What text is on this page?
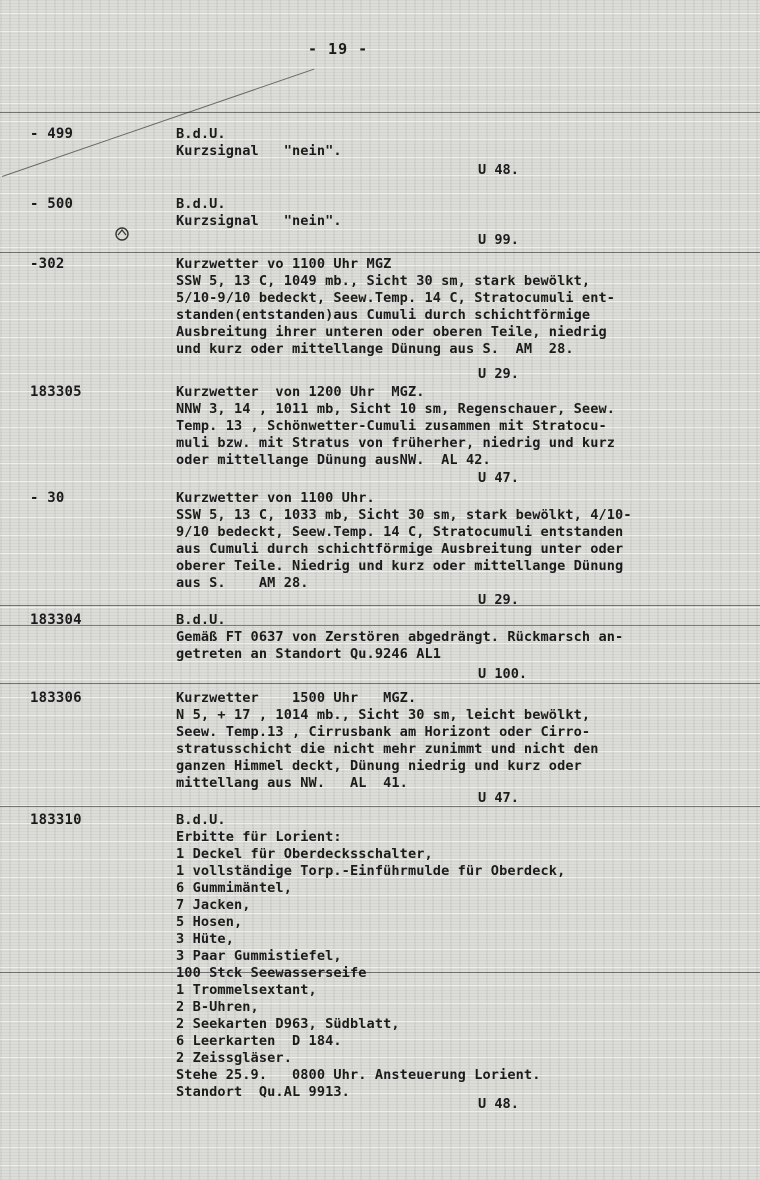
- 19 -
- 499	B.d.U.
Kurzsignal   "nein".
U 48.
- 500	B.d.U.
Kurzsignal   "nein".
U 99.
-302	Kurzwetter vo 1100 Uhr MGZ
SSW 5, 13 C, 1049 mb., Sicht 30 sm, stark bewölkt,
5/10-9/10 bedeckt, Seew.Temp. 14 C, Stratocumuli ent-
standen(entstanden)aus Cumuli durch schichtförmige
Ausbreitung ihrer unteren oder oberen Teile, niedrig
und kurz oder mittellange Dünung aus S.  AM  28.
U 29.
183305	Kurzwetter  von 1200 Uhr  MGZ.
NNW 3, 14 , 1011 mb, Sicht 10 sm, Regenschauer, Seew.
Temp. 13 , Schönwetter-Cumuli zusammen mit Stratocu-
muli bzw. mit Stratus von früherher, niedrig und kurz
oder mittellange Dünung ausNW.  AL 42.
U 47.
- 30	Kurzwetter von 1100 Uhr.
SSW 5, 13 C, 1033 mb, Sicht 30 sm, stark bewölkt, 4/10-
9/10 bedeckt, Seew.Temp. 14 C, Stratocumuli entstanden
aus Cumuli durch schichtförmige Ausbreitung unter oder
oberer Teile. Niedrig und kurz oder mittellange Dünung
aus S.    AM 28.
U 29.
183304	B.d.U.
Gemäß FT 0637 von Zerstören abgedrängt. Rückmarsch an-
getreten an Standort Qu.9246 AL1
U 100.
183306	Kurzwetter    1500 Uhr   MGZ.
N 5, + 17 , 1014 mb., Sicht 30 sm, leicht bewölkt,
Seew. Temp.13 , Cirrusbank am Horizont oder Cirro-
stratusschicht die nicht mehr zunimmt und nicht den
ganzen Himmel deckt, Dünung niedrig und kurz oder
mittellang aus NW.   AL  41.
U 47.
183310	B.d.U.
Erbitte für Lorient:
1 Deckel für Oberdecksschalter,
1 vollständige Torp.-Einführmulde für Oberdeck,
6 Gummimäntel,
7 Jacken,
5 Hosen,
3 Hüte,
3 Paar Gummistiefel,
100 Stck Seewasserseife
1 Trommelsextant,
2 B-Uhren,
2 Seekarten D963, Südblatt,
6 Leerkarten  D 184.
2 Zeissgläser.
Stehe 25.9.   0800 Uhr. Ansteuerung Lorient.
Standort  Qu.AL 9913.
U 48.
